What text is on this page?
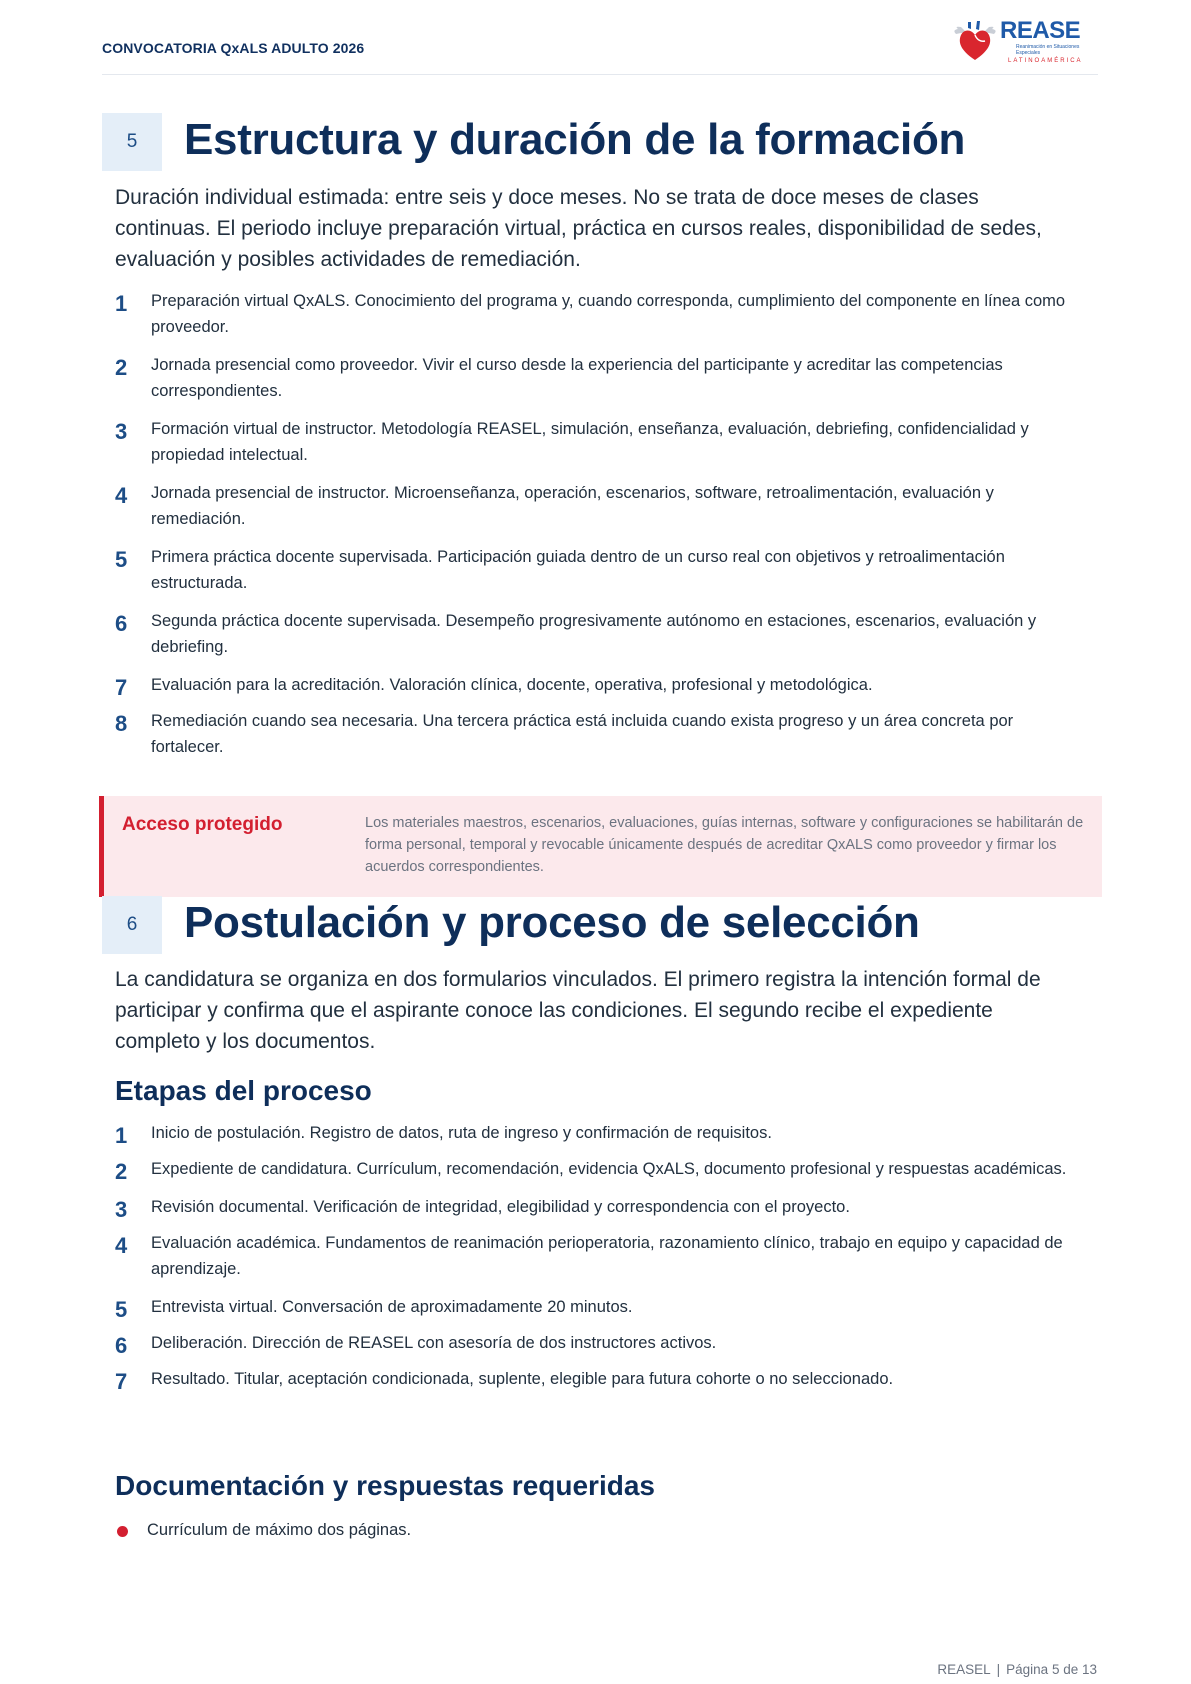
CONVOCATORIA QxALS ADULTO 2026
REASE
Reanimación en Situaciones Especiales
LATINOAMÉRICA
5	Estructura y duración de la formación
Duración individual estimada: entre seis y doce meses. No se trata de doce meses de clases continuas. El periodo incluye preparación virtual, práctica en cursos reales, disponibilidad de sedes, evaluación y posibles actividades de remediación.
1 Preparación virtual QxALS. Conocimiento del programa y, cuando corresponda, cumplimiento del componente en línea como proveedor.
2 Jornada presencial como proveedor. Vivir el curso desde la experiencia del participante y acreditar las competencias correspondientes.
3 Formación virtual de instructor. Metodología REASEL, simulación, enseñanza, evaluación, debriefing, confidencialidad y propiedad intelectual.
4 Jornada presencial de instructor. Microenseñanza, operación, escenarios, software, retroalimentación, evaluación y remediación.
5 Primera práctica docente supervisada. Participación guiada dentro de un curso real con objetivos y retroalimentación estructurada.
6 Segunda práctica docente supervisada. Desempeño progresivamente autónomo en estaciones, escenarios, evaluación y debriefing.
7 Evaluación para la acreditación. Valoración clínica, docente, operativa, profesional y metodológica.
8 Remediación cuando sea necesaria. Una tercera práctica está incluida cuando exista progreso y un área concreta por fortalecer.
Acceso protegido	Los materiales maestros, escenarios, evaluaciones, guías internas, software y configuraciones se habilitarán de forma personal, temporal y revocable únicamente después de acreditar QxALS como proveedor y firmar los acuerdos correspondientes.
6	Postulación y proceso de selección
La candidatura se organiza en dos formularios vinculados. El primero registra la intención formal de participar y confirma que el aspirante conoce las condiciones. El segundo recibe el expediente completo y los documentos.
Etapas del proceso
1 Inicio de postulación. Registro de datos, ruta de ingreso y confirmación de requisitos.
2 Expediente de candidatura. Currículum, recomendación, evidencia QxALS, documento profesional y respuestas académicas.
3 Revisión documental. Verificación de integridad, elegibilidad y correspondencia con el proyecto.
4 Evaluación académica. Fundamentos de reanimación perioperatoria, razonamiento clínico, trabajo en equipo y capacidad de aprendizaje.
5 Entrevista virtual. Conversación de aproximadamente 20 minutos.
6 Deliberación. Dirección de REASEL con asesoría de dos instructores activos.
7 Resultado. Titular, aceptación condicionada, suplente, elegible para futura cohorte o no seleccionado.
Documentación y respuestas requeridas
Currículum de máximo dos páginas.
REASEL | Página 5 de 13
